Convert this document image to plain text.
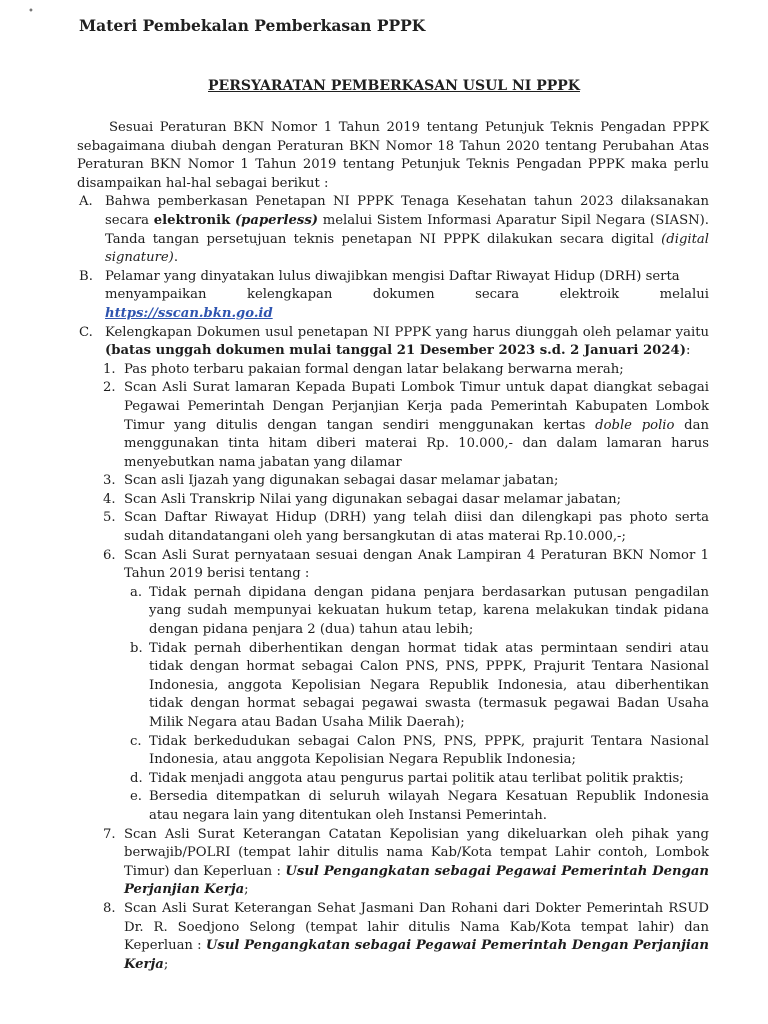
•
Materi Pembekalan Pemberkasan PPPK
PERSYARATAN PEMBERKASAN USUL NI PPPK

Sesuai Peraturan BKN Nomor 1 Tahun 2019 tentang Petunjuk Teknis Pengadan PPPK sebagaimana diubah dengan Peraturan BKN Nomor 18 Tahun 2020 tentang Perubahan Atas Peraturan BKN Nomor 1 Tahun 2019 tentang Petunjuk Teknis Pengadan PPPK maka perlu disampaikan hal-hal sebagai berikut :

A. Bahwa pemberkasan Penetapan NI PPPK Tenaga Kesehatan tahun 2023 dilaksanakan secara elektronik (paperless) melalui Sistem Informasi Aparatur Sipil Negara (SIASN). Tanda tangan persetujuan teknis penetapan NI PPPK dilakukan secara digital (digital signature).
B. Pelamar yang dinyatakan lulus diwajibkan mengisi Daftar Riwayat Hidup (DRH) serta
menyampaikan	kelengkapan	dokumen	secara	elektroik	melalui
https://sscan.bkn.go.id
C. Kelengkapan Dokumen usul penetapan NI PPPK yang harus diunggah oleh pelamar yaitu (batas unggah dokumen mulai tanggal 21 Desember 2023 s.d. 2 Januari 2024):
1. Pas photo terbaru pakaian formal dengan latar belakang berwarna merah;
2. Scan Asli Surat lamaran Kepada Bupati Lombok Timur untuk dapat diangkat sebagai Pegawai Pemerintah Dengan Perjanjian Kerja pada Pemerintah Kabupaten Lombok Timur yang ditulis dengan tangan sendiri menggunakan kertas doble polio dan menggunakan tinta hitam diberi materai Rp. 10.000,- dan dalam lamaran harus menyebutkan nama jabatan yang dilamar
3. Scan asli Ijazah yang digunakan sebagai dasar melamar jabatan;
4. Scan Asli Transkrip Nilai yang digunakan sebagai dasar melamar jabatan;
5. Scan Daftar Riwayat Hidup (DRH) yang telah diisi dan dilengkapi pas photo serta sudah ditandatangani oleh yang bersangkutan di atas materai Rp.10.000,-;
6. Scan Asli Surat pernyataan sesuai dengan Anak Lampiran 4 Peraturan BKN Nomor 1 Tahun 2019 berisi tentang :
a. Tidak pernah dipidana dengan pidana penjara berdasarkan putusan pengadilan yang sudah mempunyai kekuatan hukum tetap, karena melakukan tindak pidana dengan pidana penjara 2 (dua) tahun atau lebih;
b. Tidak pernah diberhentikan dengan hormat tidak atas permintaan sendiri atau tidak dengan hormat sebagai Calon PNS, PNS, PPPK, Prajurit Tentara Nasional Indonesia, anggota Kepolisian Negara Republik Indonesia, atau diberhentikan tidak dengan hormat sebagai pegawai swasta (termasuk pegawai Badan Usaha Milik Negara atau Badan Usaha Milik Daerah);
c. Tidak berkedudukan sebagai Calon PNS, PNS, PPPK, prajurit Tentara Nasional Indonesia, atau anggota Kepolisian Negara Republik Indonesia;
d. Tidak menjadi anggota atau pengurus partai politik atau terlibat politik praktis;
e. Bersedia ditempatkan di seluruh wilayah Negara Kesatuan Republik Indonesia atau negara lain yang ditentukan oleh Instansi Pemerintah.
7. Scan Asli Surat Keterangan Catatan Kepolisian yang dikeluarkan oleh pihak yang berwajib/POLRI (tempat lahir ditulis nama Kab/Kota tempat Lahir contoh, Lombok Timur) dan Keperluan : Usul Pengangkatan sebagai Pegawai Pemerintah Dengan Perjanjian Kerja;
8. Scan Asli Surat Keterangan Sehat Jasmani Dan Rohani dari Dokter Pemerintah RSUD Dr. R. Soedjono Selong (tempat lahir ditulis Nama Kab/Kota tempat lahir) dan Keperluan : Usul Pengangkatan sebagai Pegawai Pemerintah Dengan Perjanjian Kerja;
